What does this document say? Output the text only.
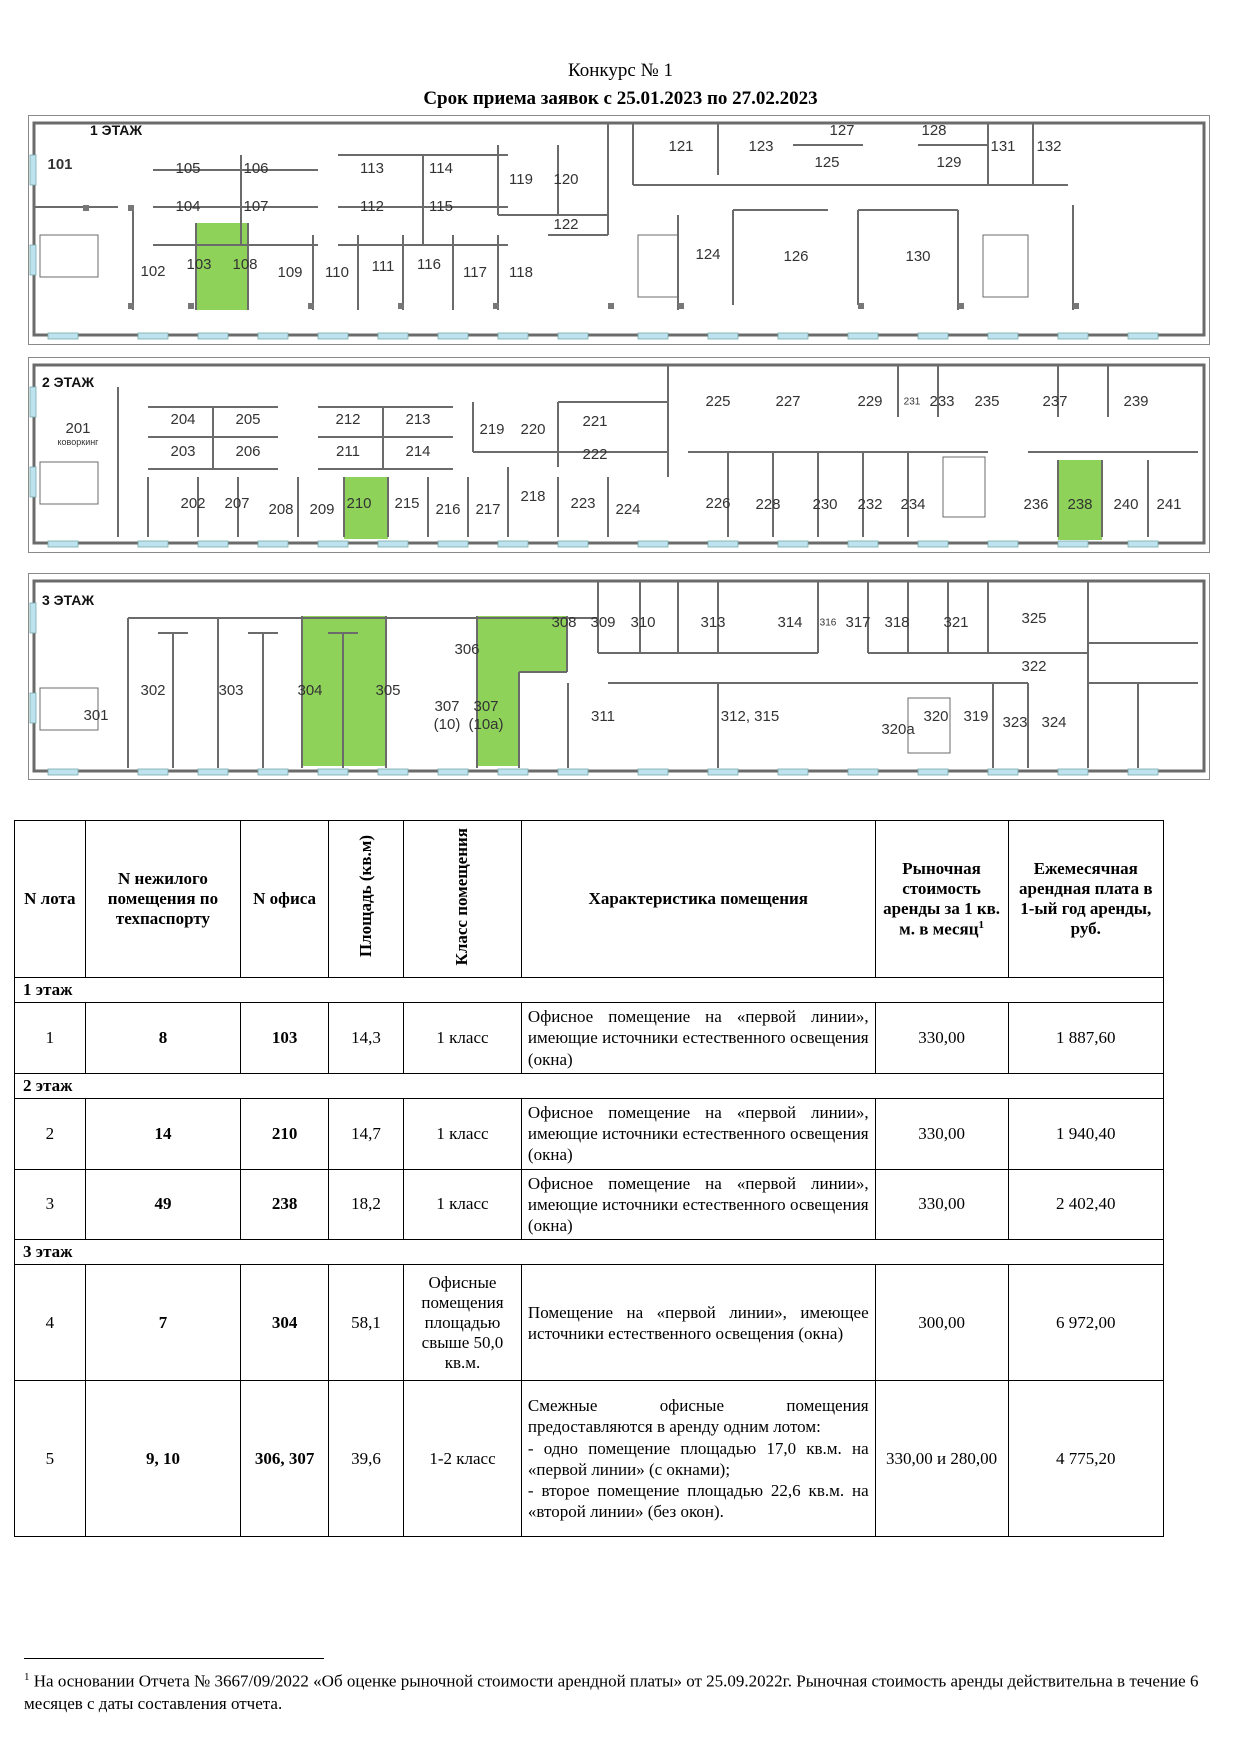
Конкурс № 1
Срок приема заявок с 25.01.2023 по 27.02.2023
1 ЭТАЖ
101
102 103
104
105	106
107
108 109 110 111
112
113	114
115
116 117 118
119 120
121
122
123
124
125
126
127	128
129
130
131 132
2 ЭТАЖ
201
коворкинг
202
203
204	205
206
207 208 209 210
211
212	213
214
215 216 217
218
219 220 221
222
223 224
225
226
227
228
229
230
231
232
233
234
235
236
237
238
239
240 241
3 ЭТАЖ
301
302	303	304	305
306
307
(10)
307
(10а)
308 309 310
311	312, 315
313	314 316 317 318
319
320
320а
321
322
323 324
325
N лота	N нежилого помещения по техпаспорту	N офиса	Площадь (кв.м)	Класс помещения	Характеристика помещения	Рыночная стоимость аренды за 1 кв. м. в месяц$^1$	Ежемесячная арендная плата в 1-ый год аренды, руб.
1 этаж							
1	8	103	14,3	1 класс	Офисное помещение на «первой линии», имеющие источники естественного освещения (окна)	330,00	1 887,60
2 этаж							
2	14	210	14,7	1 класс	Офисное помещение на «первой линии», имеющие источники естественного освещения (окна)	330,00	1 940,40
3	49	238	18,2	1 класс	Офисное помещение на «первой линии», имеющие источники естественного освещения (окна)	330,00	2 402,40
3 этаж							
4	7	304	58,1	Офисные помещения площадью свыше 50,0 кв.м.	Помещение на «первой линии», имеющее источники естественного освещения (окна)	300,00	6 972,00
5	9, 10	306, 307	39,6	1-2 класс	Смежные офисные помещения предоставляются в аренду одним лотом:
- одно помещение площадью 17,0 кв.м. на «первой линии» (с окнами);
- второе помещение площадью 22,6 кв.м. на «второй линии» (без окон).	330,00 и 280,00	4 775,20
$^1$ На основании Отчета № 3667/09/2022 «Об оценке рыночной стоимости арендной платы» от 25.09.2022г. Рыночная стоимость аренды действительна в течение 6 месяцев с даты составления отчета.
